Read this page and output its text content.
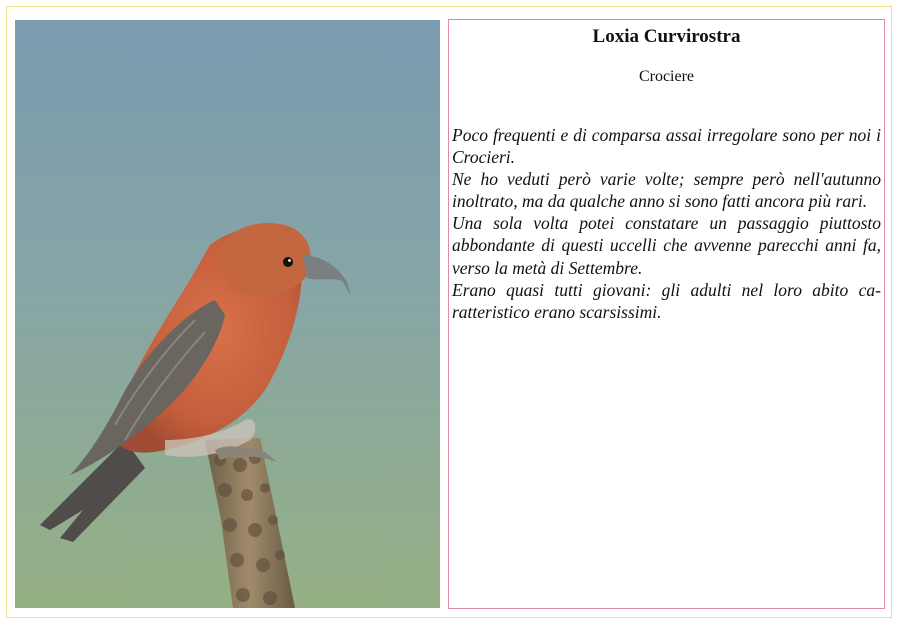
Loxia Curvirostra
Crociere

Poco frequenti e di comparsa assai irregolare sono per noi i Crocieri.

Ne ho veduti però varie volte; sempre però nell'autunno inoltrato, ma da qualche anno si sono fatti ancora più rari.

Una sola volta potei constatare un passaggio piuttosto abbondante di questi uccelli che avvenne parecchi anni fa, verso la metà di Settembre.

Erano quasi tutti giovani: gli adulti nel loro abito caratteristico erano scarsissimi.
